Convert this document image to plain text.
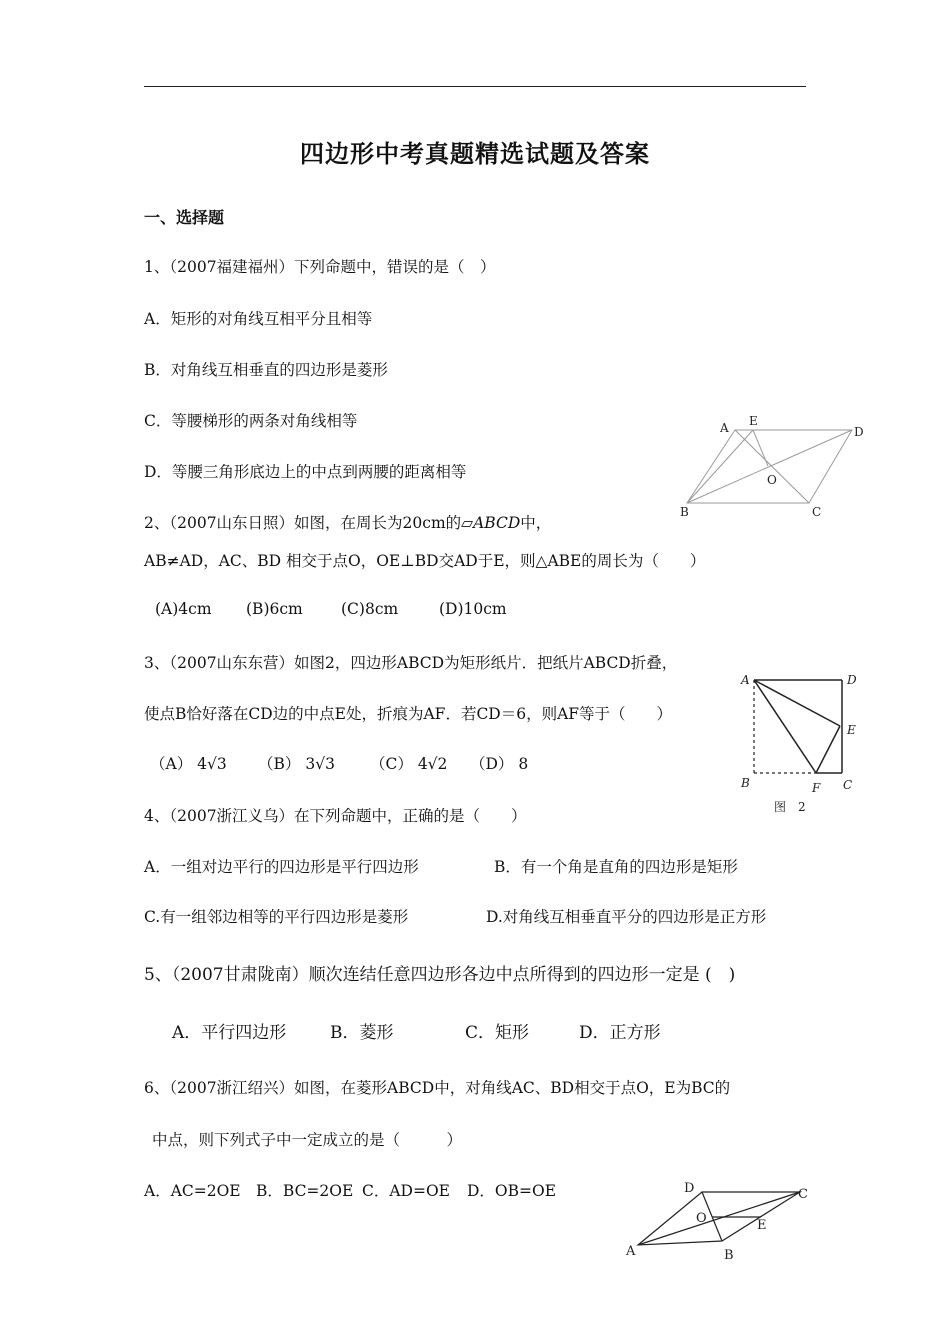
四边形中考真题精选试题及答案
一、选择题
1、（2007福建福州）下列命题中，错误的是（　）
A．矩形的对角线互相平分且相等
B．对角线互相垂直的四边形是菱形
C．等腰梯形的两条对角线相等
D．等腰三角形底边上的中点到两腰的距离相等
A E
D
O
B	C
2、（2007山东日照）如图，在周长为20cm的▱ABCD中，
AB≠AD，AC、BD 相交于点O，OE⊥BD交AD于E，则△ABE的周长为（　　）
(A)4cm (B)6cm (C)8cm	(D)10cm
3、（2007山东东营）如图2，四边形ABCD为矩形纸片．把纸片ABCD折叠，
使点B恰好落在CD边的中点E处，折痕为AF．若CD＝6，则AF等于（　　）
（A） 4√3 （B） 3√3 （C） 4√2 （D） 8
A	D
E
B	F C
图　2
4、（2007浙江义乌）在下列命题中，正确的是（　　）
A．一组对边平行的四边形是平行四边形	B．有一个角是直角的四边形是矩形
C.有一组邻边相等的平行四边形是菱形	D.对角线互相垂直平分的四边形是正方形
5、（2007甘肃陇南）顺次连结任意四边形各边中点所得到的四边形一定是 (　)
A．平行四边形	B．菱形	C．矩形	D．正方形
6、（2007浙江绍兴）如图，在菱形ABCD中，对角线AC、BD相交于点O，E为BC的
中点，则下列式子中一定成立的是（　　　）
A．AC=2OE B．BC=2OE C．AD=OE D．OB=OE	D	C
O	E
A	B
